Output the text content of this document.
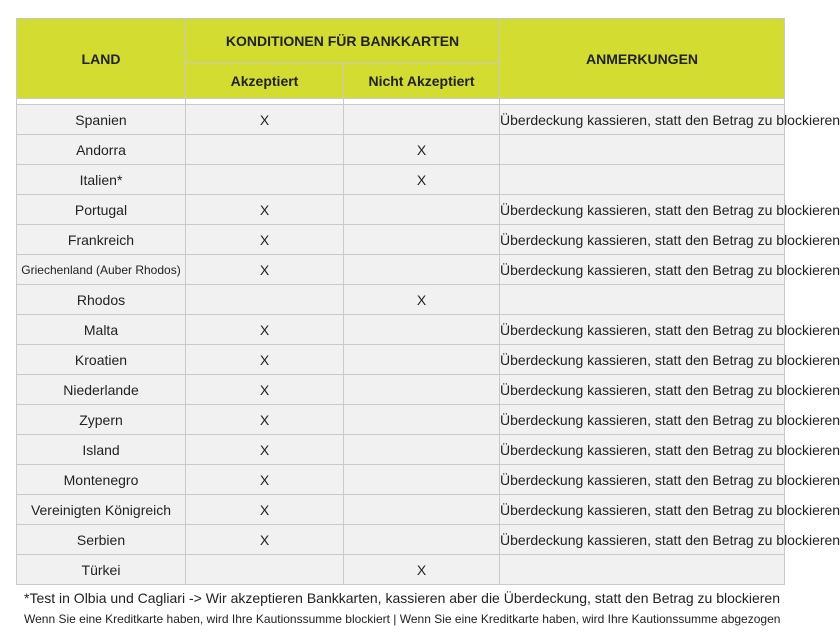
LAND	KONDITIONEN FÜR BANKKARTEN		ANMERKUNGEN
	Akzeptiert	Nicht Akzeptiert	

Spanien	X		Überdeckung kassieren, statt den Betrag zu blockieren
Andorra		X	
Italien*		X	
Portugal	X		Überdeckung kassieren, statt den Betrag zu blockieren
Frankreich	X		Überdeckung kassieren, statt den Betrag zu blockieren
Griechenland (Auber Rhodos)	X		Überdeckung kassieren, statt den Betrag zu blockieren
Rhodos		X	
Malta	X		Überdeckung kassieren, statt den Betrag zu blockieren
Kroatien	X		Überdeckung kassieren, statt den Betrag zu blockieren
Niederlande	X		Überdeckung kassieren, statt den Betrag zu blockieren
Zypern	X		Überdeckung kassieren, statt den Betrag zu blockieren
Island	X		Überdeckung kassieren, statt den Betrag zu blockieren
Montenegro	X		Überdeckung kassieren, statt den Betrag zu blockieren
Vereinigten Königreich	X		Überdeckung kassieren, statt den Betrag zu blockieren
Serbien	X		Überdeckung kassieren, statt den Betrag zu blockieren
Türkei		X	
*Test in Olbia und Cagliari -> Wir akzeptieren Bankkarten, kassieren aber die Überdeckung, statt den Betrag zu blockieren
Wenn Sie eine Kreditkarte haben, wird Ihre Kautionssumme blockiert | Wenn Sie eine Kreditkarte haben, wird Ihre Kautionssumme abgezogen
